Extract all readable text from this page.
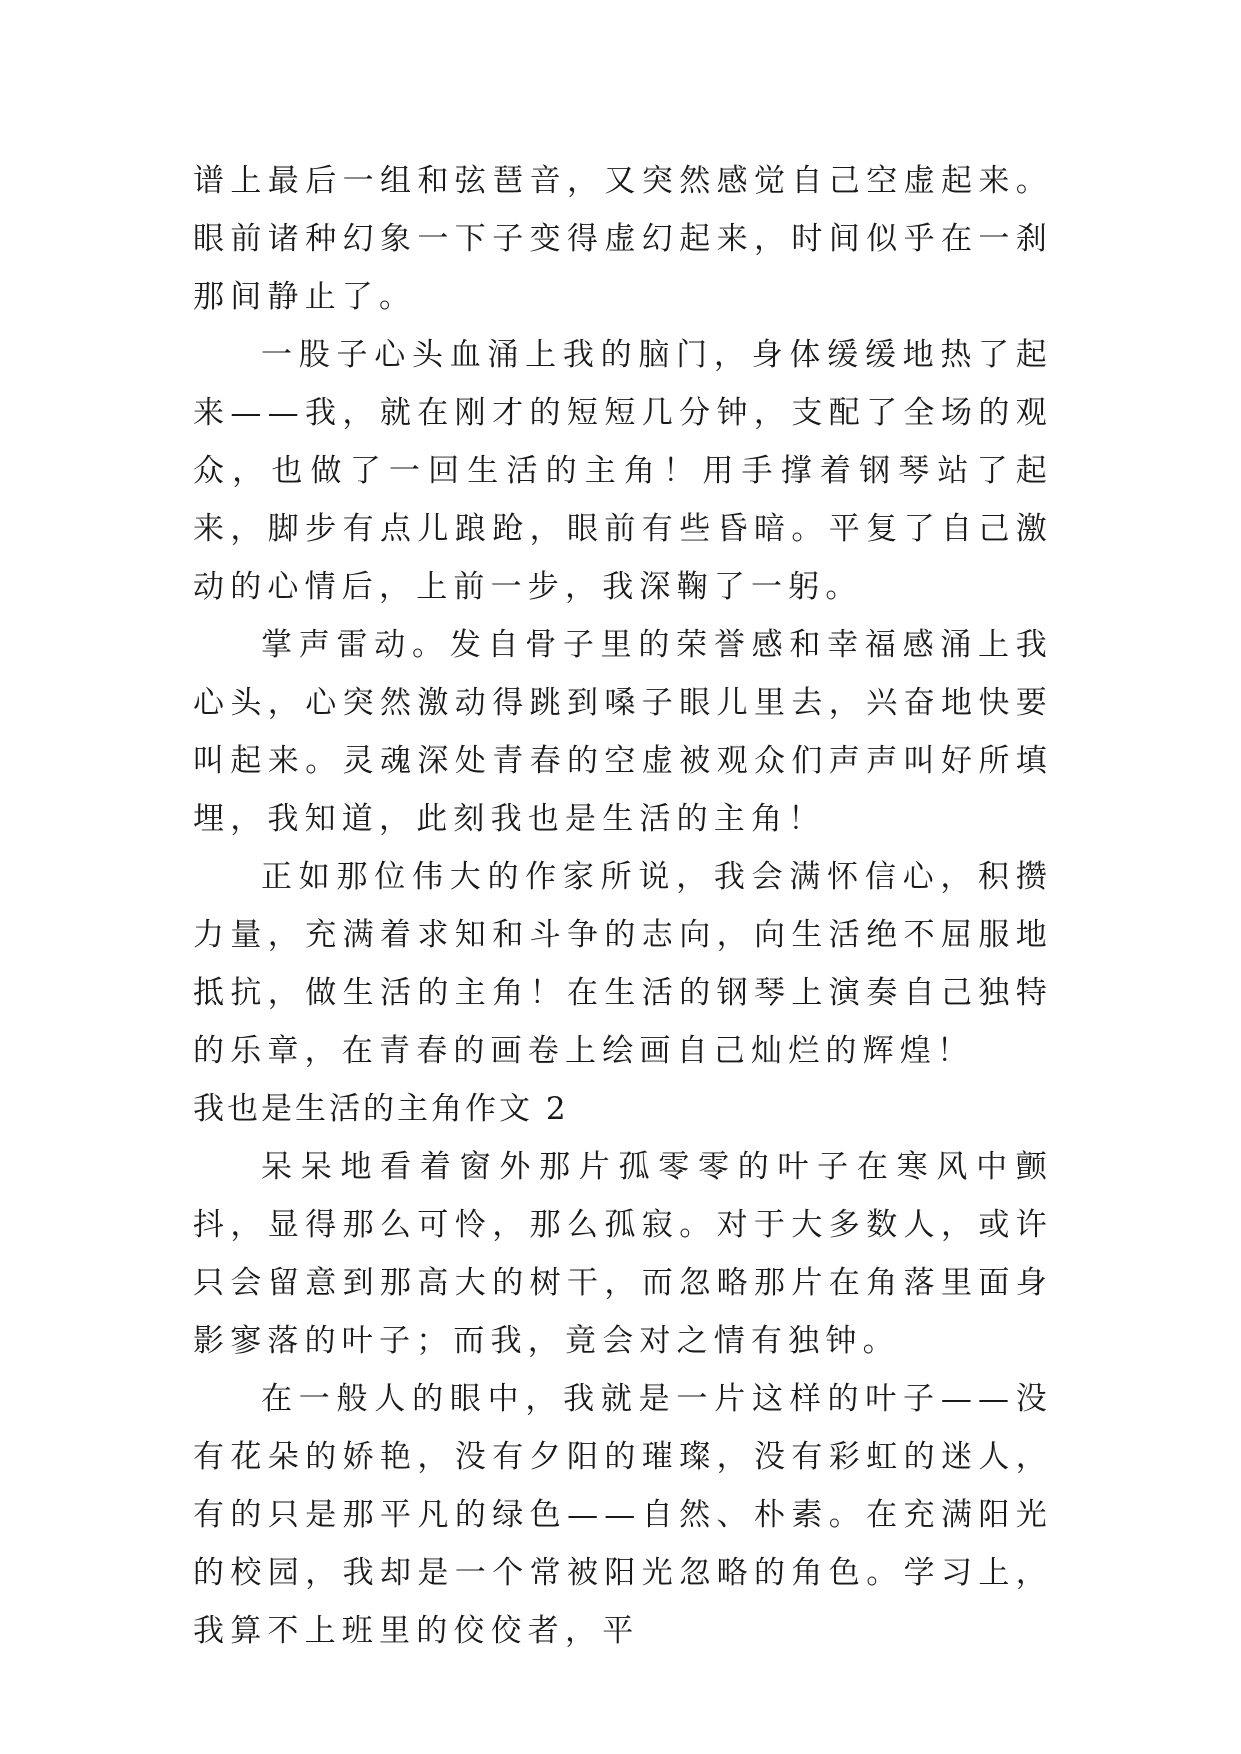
谱上最后一组和弦琶音，又突然感觉自己空虚起来。眼前诸种幻象一下子变得虚幻起来，时间似乎在一刹那间静止了。

一股子心头血涌上我的脑门，身体缓缓地热了起来——我，就在刚才的短短几分钟，支配了全场的观众，也做了一回生活的主角！用手撑着钢琴站了起来，脚步有点儿踉跄，眼前有些昏暗。平复了自己激动的心情后，上前一步，我深鞠了一躬。

掌声雷动。发自骨子里的荣誉感和幸福感涌上我心头，心突然激动得跳到嗓子眼儿里去，兴奋地快要叫起来。灵魂深处青春的空虚被观众们声声叫好所填埋，我知道，此刻我也是生活的主角！

正如那位伟大的作家所说，我会满怀信心，积攒力量，充满着求知和斗争的志向，向生活绝不屈服地抵抗，做生活的主角！在生活的钢琴上演奏自己独特的乐章，在青春的画卷上绘画自己灿烂的辉煌！

我也是生活的主角作文 2

呆呆地看着窗外那片孤零零的叶子在寒风中颤抖，显得那么可怜，那么孤寂。对于大多数人，或许只会留意到那高大的树干，而忽略那片在角落里面身影寥落的叶子；而我，竟会对之情有独钟。

在一般人的眼中，我就是一片这样的叶子——没有花朵的娇艳，没有夕阳的璀璨，没有彩虹的迷人，有的只是那平凡的绿色——自然、朴素。在充满阳光的校园，我却是一个常被阳光忽略的角色。学习上，我算不上班里的佼佼者，平
